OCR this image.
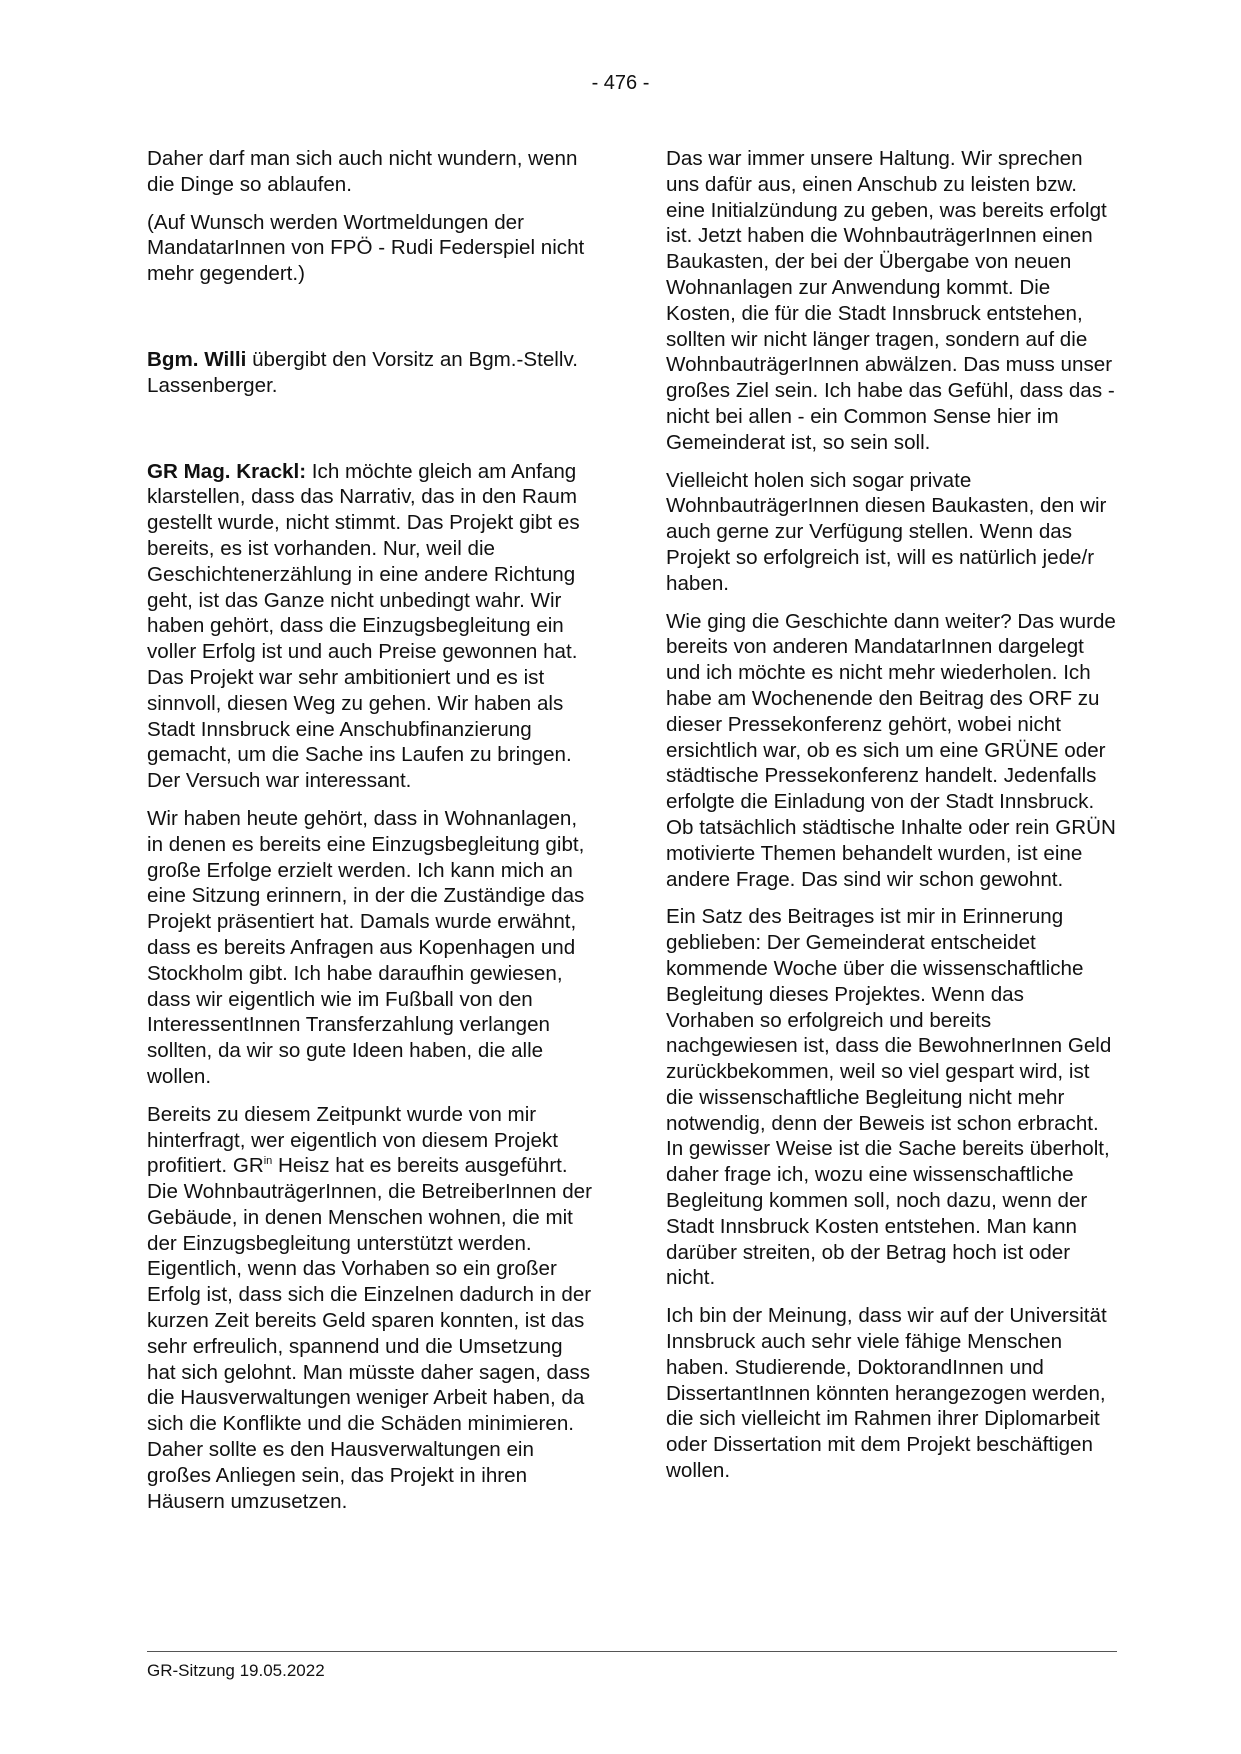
- 476 -

Daher darf man sich auch nicht wundern, wenn die Dinge so ablaufen.

(Auf Wunsch werden Wortmeldungen der MandatarInnen von FPÖ - Rudi Federspiel nicht mehr gegendert.)

Bgm. Willi übergibt den Vorsitz an Bgm.-Stellv. Lassenberger.

GR Mag. Krackl: Ich möchte gleich am Anfang klarstellen, dass das Narrativ, das in den Raum gestellt wurde, nicht stimmt. Das Projekt gibt es bereits, es ist vorhanden. Nur, weil die Geschichtenerzählung in eine andere Richtung geht, ist das Ganze nicht unbedingt wahr. Wir haben gehört, dass die Einzugsbegleitung ein voller Erfolg ist und auch Preise gewonnen hat. Das Projekt war sehr ambitioniert und es ist sinnvoll, diesen Weg zu gehen. Wir haben als Stadt Innsbruck eine Anschubfinanzierung gemacht, um die Sache ins Laufen zu bringen. Der Versuch war interessant.

Wir haben heute gehört, dass in Wohnanlagen, in denen es bereits eine Einzugsbegleitung gibt, große Erfolge erzielt werden. Ich kann mich an eine Sitzung erinnern, in der die Zuständige das Projekt präsentiert hat. Damals wurde erwähnt, dass es bereits Anfragen aus Kopenhagen und Stockholm gibt. Ich habe daraufhin gewiesen, dass wir eigentlich wie im Fußball von den InteressentInnen Transferzahlung verlangen sollten, da wir so gute Ideen haben, die alle wollen.

Bereits zu diesem Zeitpunkt wurde von mir hinterfragt, wer eigentlich von diesem Projekt profitiert. $GR^{in}$ Heisz hat es bereits ausgeführt. Die WohnbauträgerInnen, die BetreiberInnen der Gebäude, in denen Menschen wohnen, die mit der Einzugsbegleitung unterstützt werden. Eigentlich, wenn das Vorhaben so ein großer Erfolg ist, dass sich die Einzelnen dadurch in der kurzen Zeit bereits Geld sparen konnten, ist das sehr erfreulich, spannend und die Umsetzung hat sich gelohnt. Man müsste daher sagen, dass die Hausverwaltungen weniger Arbeit haben, da sich die Konflikte und die Schäden minimieren. Daher sollte es den Hausverwaltungen ein großes Anliegen sein, das Projekt in ihren Häusern umzusetzen.

Das war immer unsere Haltung. Wir sprechen uns dafür aus, einen Anschub zu leisten bzw. eine Initialzündung zu geben, was bereits erfolgt ist. Jetzt haben die WohnbauträgerInnen einen Baukasten, der bei der Übergabe von neuen Wohnanlagen zur Anwendung kommt. Die Kosten, die für die Stadt Innsbruck entstehen, sollten wir nicht länger tragen, sondern auf die WohnbauträgerInnen abwälzen. Das muss unser großes Ziel sein. Ich habe das Gefühl, dass das - nicht bei allen - ein Common Sense hier im Gemeinderat ist, so sein soll.

Vielleicht holen sich sogar private WohnbauträgerInnen diesen Baukasten, den wir auch gerne zur Verfügung stellen. Wenn das Projekt so erfolgreich ist, will es natürlich jede/r haben.

Wie ging die Geschichte dann weiter? Das wurde bereits von anderen MandatarInnen dargelegt und ich möchte es nicht mehr wiederholen. Ich habe am Wochenende den Beitrag des ORF zu dieser Pressekonferenz gehört, wobei nicht ersichtlich war, ob es sich um eine GRÜNE oder städtische Pressekonferenz handelt. Jedenfalls erfolgte die Einladung von der Stadt Innsbruck. Ob tatsächlich städtische Inhalte oder rein GRÜN motivierte Themen behandelt wurden, ist eine andere Frage. Das sind wir schon gewohnt.

Ein Satz des Beitrages ist mir in Erinnerung geblieben: Der Gemeinderat entscheidet kommende Woche über die wissenschaftliche Begleitung dieses Projektes. Wenn das Vorhaben so erfolgreich und bereits nachgewiesen ist, dass die BewohnerInnen Geld zurückbekommen, weil so viel gespart wird, ist die wissenschaftliche Begleitung nicht mehr notwendig, denn der Beweis ist schon erbracht. In gewisser Weise ist die Sache bereits überholt, daher frage ich, wozu eine wissenschaftliche Begleitung kommen soll, noch dazu, wenn der Stadt Innsbruck Kosten entstehen. Man kann darüber streiten, ob der Betrag hoch ist oder nicht.

Ich bin der Meinung, dass wir auf der Universität Innsbruck auch sehr viele fähige Menschen haben. Studierende, DoktorandInnen und DissertantInnen könnten herangezogen werden, die sich vielleicht im Rahmen ihrer Diplomarbeit oder Dissertation mit dem Projekt beschäftigen wollen.

GR-Sitzung 19.05.2022
